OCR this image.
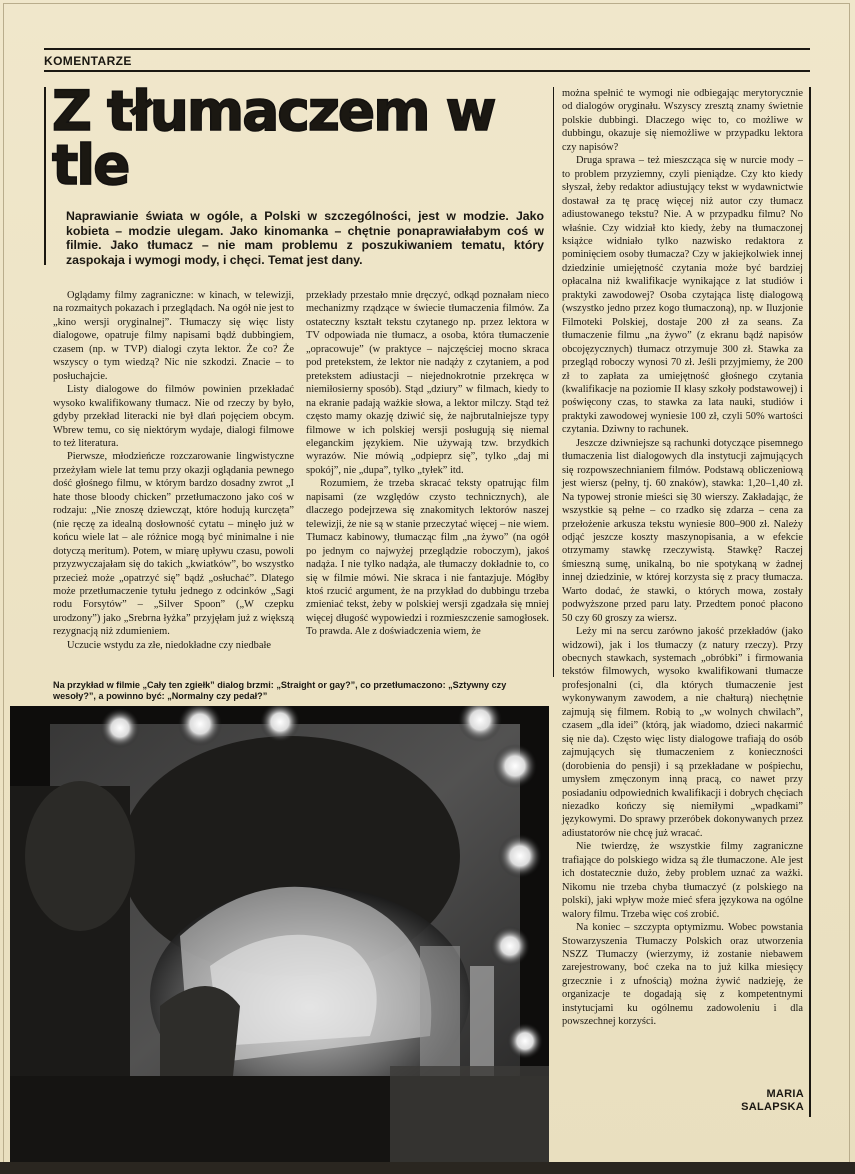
KOMENTARZE
Z tłumaczem w tle
Naprawianie świata w ogóle, a Polski w szczególności, jest w modzie. Jako kobieta – modzie ulegam. Jako kinomanka – chętnie ponaprawiałabym coś w filmie. Jako tłumacz – nie mam problemu z poszukiwaniem tematu, który zaspokaja i wymogi mody, i chęci. Temat jest dany.

Oglądamy filmy zagraniczne: w kinach, w telewizji, na rozmaitych pokazach i przeglądach. Na ogół nie jest to „kino wersji oryginalnej”. Tłumaczy się więc listy dialogowe, opatruje filmy napisami bądź dubbingiem, czasem (np. w TVP) dialogi czyta lektor. Że co? Że wszyscy o tym wiedzą? Nic nie szkodzi. Znacie – to posłuchajcie.

Listy dialogowe do filmów powinien przekładać wysoko kwalifikowany tłumacz. Nie od rzeczy by było, gdyby przekład literacki nie był dlań pojęciem obcym. Wbrew temu, co się niektórym wydaje, dialogi filmowe to też literatura.

Pierwsze, młodzieńcze rozczarowanie lingwistyczne przeżyłam wiele lat temu przy okazji oglądania pewnego dość głośnego filmu, w którym bardzo dosadny zwrot „I hate those bloody chicken” przetłumaczono jako coś w rodzaju: „Nie znoszę dziewcząt, które hodują kurczęta” (nie ręczę za idealną dosłowność cytatu – minęło już w końcu wiele lat – ale różnice mogą być minimalne i nie dotyczą meritum). Potem, w miarę upływu czasu, powoli przyzwyczajałam się do takich „kwiatków”, bo wszystko przecież może „opatrzyć się” bądź „osłuchać”. Dlatego może przetłumaczenie tytułu jednego z odcinków „Sagi rodu Forsytów” – „Silver Spoon” („W czepku urodzony”) jako „Srebrna łyżka” przyjęłam już z większą rezygnacją niż zdumieniem.

Uczucie wstydu za złe, niedokładne czy niedbałe

przekłady przestało mnie dręczyć, odkąd poznałam nieco mechanizmy rządzące w świecie tłumaczenia filmów. Za ostateczny kształt tekstu czytanego np. przez lektora w TV odpowiada nie tłumacz, a osoba, która tłumaczenie „opracowuje” (w praktyce – najczęściej mocno skraca pod pretekstem, że lektor nie nadąży z czytaniem, a pod pretekstem adiustacji – niejednokrotnie przekręca w niemiłosierny sposób). Stąd „dziury” w filmach, kiedy to na ekranie padają ważkie słowa, a lektor milczy. Stąd też często mamy okazję dziwić się, że najbrutalniejsze typy filmowe w ich polskiej wersji posługują się niemal eleganckim językiem. Nie używają tzw. brzydkich wyrazów. Nie mówią „odpieprz się”, tylko „daj mi spokój”, nie „dupa”, tylko „tyłek” itd.

Rozumiem, że trzeba skracać teksty opatrując film napisami (ze względów czysto technicznych), ale dlaczego podejrzewa się znakomitych lektorów naszej telewizji, że nie są w stanie przeczytać więcej – nie wiem. Tłumacz kabinowy, tłumacząc film „na żywo” (na ogół po jednym co najwyżej przeglądzie roboczym), jakoś nadąża. I nie tylko nadąża, ale tłumaczy dokładnie to, co się w filmie mówi. Nie skraca i nie fantazjuje. Mógłby ktoś rzucić argument, że na przykład do dubbingu trzeba zmieniać tekst, żeby w polskiej wersji zgadzała się mniej więcej długość wypowiedzi i rozmieszczenie samogłosek. To prawda. Ale z doświadczenia wiem, że

można spełnić te wymogi nie odbiegając merytorycznie od dialogów oryginału. Wszyscy zresztą znamy świetnie polskie dubbingi. Dlaczego więc to, co możliwe w dubbingu, okazuje się niemożliwe w przypadku lektora czy napisów?

Druga sprawa – też mieszcząca się w nurcie mody – to problem przyziemny, czyli pieniądze. Czy kto kiedy słyszał, żeby redaktor adiustujący tekst w wydawnictwie dostawał za tę pracę więcej niż autor czy tłumacz adiustowanego tekstu? Nie. A w przypadku filmu? No właśnie. Czy widział kto kiedy, żeby na tłumaczonej książce widniało tylko nazwisko redaktora z pominięciem osoby tłumacza? Czy w jakiejkolwiek innej dziedzinie umiejętność czytania może być bardziej opłacalna niż kwalifikacje wynikające z lat studiów i praktyki zawodowej? Osoba czytająca listę dialogową (wszystko jedno przez kogo tłumaczoną), np. w Iluzjonie Filmoteki Polskiej, dostaje 200 zł za seans. Za tłumaczenie filmu „na żywo” (z ekranu bądź napisów obcojęzycznych) tłumacz otrzymuje 300 zł. Stawka za przegląd roboczy wynosi 70 zł. Jeśli przyjmiemy, że 200 zł to zapłata za umiejętność głośnego czytania (kwalifikacje na poziomie II klasy szkoły podstawowej) i poświęcony czas, to stawka za lata nauki, studiów i praktyki zawodowej wyniesie 100 zł, czyli 50% wartości czytania. Dziwny to rachunek.

Jeszcze dziwniejsze są rachunki dotyczące pisemnego tłumaczenia list dialogowych dla instytucji zajmujących się rozpowszechnianiem filmów. Podstawą obliczeniową jest wiersz (pełny, tj. 60 znaków), stawka: 1,20–1,40 zł. Na typowej stronie mieści się 30 wierszy. Zakładając, że wszystkie są pełne – co rzadko się zdarza – cena za przełożenie arkusza tekstu wyniesie 800–900 zł. Należy odjąć jeszcze koszty maszynopisania, a w efekcie otrzymamy stawkę rzeczywistą. Stawkę? Raczej śmieszną sumę, unikalną, bo nie spotykaną w żadnej innej dziedzinie, w której korzysta się z pracy tłumacza. Warto dodać, że stawki, o których mowa, zostały podwyższone przed paru laty. Przedtem ponoć płacono 50 czy 60 groszy za wiersz.

Leży mi na sercu zarówno jakość przekładów (jako widzowi), jak i los tłumaczy (z natury rzeczy). Przy obecnych stawkach, systemach „obróbki” i firmowania tekstów filmowych, wysoko kwalifikowani tłumacze profesjonalni (ci, dla których tłumaczenie jest wykonywanym zawodem, a nie chałturą) niechętnie zajmują się filmem. Robią to „w wolnych chwilach”, czasem „dla idei” (którą, jak wiadomo, dzieci nakarmić się nie da). Często więc listy dialogowe trafiają do osób zajmujących się tłumaczeniem z konieczności (dorobienia do pensji) i są przekładane w pośpiechu, umysłem zmęczonym inną pracą, co nawet przy posiadaniu odpowiednich kwalifikacji i dobrych chęciach niezadko kończy się niemiłymi „wpadkami” językowymi. Do sprawy przeróbek dokonywanych przez adiustatorów nie chcę już wracać.

Nie twierdzę, że wszystkie filmy zagraniczne trafiające do polskiego widza są źle tłumaczone. Ale jest ich dostatecznie dużo, żeby problem uznać za ważki. Nikomu nie trzeba chyba tłumaczyć (z polskiego na polski), jaki wpływ może mieć sfera językowa na ogólne walory filmu. Trzeba więc coś zrobić.

Na koniec – szczypta optymizmu. Wobec powstania Stowarzyszenia Tłumaczy Polskich oraz utworzenia NSZZ Tłumaczy (wierzymy, iż zostanie niebawem zarejestrowany, boć czeka na to już kilka miesięcy grzecznie i z ufnością) można żywić nadzieję, że organizacje te dogadają się z kompetentnymi instytucjami ku ogólnemu zadowoleniu i dla powszechnej korzyści.

Na przykład w filmie „Cały ten zgiełk” dialog brzmi: „Straight or gay?”, co przetłumaczono: „Sztywny czy wesoły?”, a powinno być: „Normalny czy pedał?”
MARIA
SALAPSKA
